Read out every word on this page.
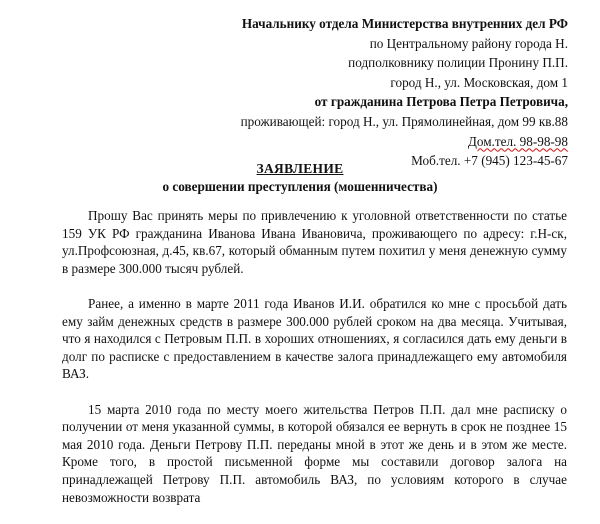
Начальнику отдела Министерства внутренних дел РФ
по Центральному району города Н.
подполковнику полиции Пронину П.П.
город Н., ул. Московская, дом 1
от гражданина Петрова Петра Петровича,
проживающей: город Н., ул. Прямолинейная, дом 99 кв.88
Дом.тел. 98-98-98
Моб.тел. +7 (945) 123-45-67
ЗАЯВЛЕНИЕ
о совершении преступления (мошенничества)

Прошу Вас принять меры по привлечению к уголовной ответственности по статье 159 УК РФ гражданина Иванова Ивана Ивановича, проживающего по адресу: г.Н-ск, ул.Профсоюзная, д.45, кв.67, который обманным путем похитил у меня денежную сумму в размере 300.000 тысяч рублей.

Ранее, а именно в марте 2011 года Иванов И.И. обратился ко мне с просьбой дать ему займ денежных средств в размере 300.000 рублей сроком на два месяца. Учитывая, что я находился с Петровым П.П. в хороших отношениях, я согласился дать ему деньги в долг по расписке с предоставлением в качестве залога принадлежащего ему автомобиля ВАЗ.

15 марта 2010 года по месту моего жительства Петров П.П. дал мне расписку о получении от меня указанной суммы, в которой обязался ее вернуть в срок не позднее 15 мая 2010 года. Деньги Петрову П.П. переданы мной в этот же день и в этом же месте. Кроме того, в простой письменной форме мы составили договор залога на принадлежащей Петрову П.П. автомобиль ВАЗ, по условиям которого в случае невозможности возврата
